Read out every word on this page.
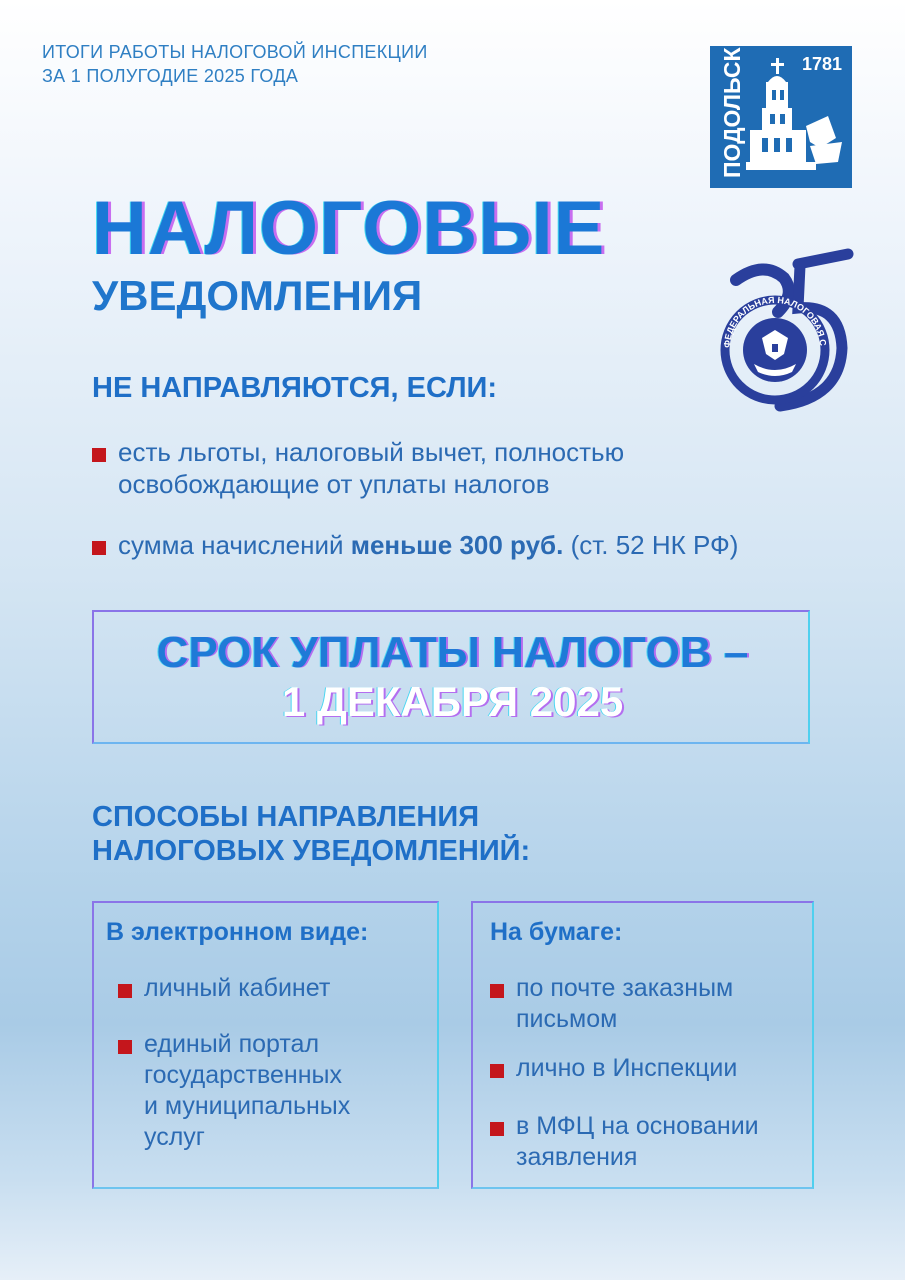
ИТОГИ РАБОТЫ НАЛОГОВОЙ ИНСПЕКЦИИ
ЗА 1 ПОЛУГОДИЕ 2025 ГОДА	ПОДОЛЬСК	1781
НАЛОГОВЫЕ
УВЕДОМЛЕНИЯ
ФЕДЕРАЛЬНАЯ НАЛОГОВАЯ С
НЕ НАПРАВЛЯЮТСЯ, ЕСЛИ:
есть льготы, налоговый вычет, полностью
освобождающие от уплаты налогов
сумма начислений меньше 300 руб. (ст. 52 НК РФ)
СРОК УПЛАТЫ НАЛОГОВ –
1 ДЕКАБРЯ 2025
СПОСОБЫ НАПРАВЛЕНИЯ
НАЛОГОВЫХ УВЕДОМЛЕНИЙ:
В электронном виде:
личный кабинет
единый портал
государственных
и муниципальных
услуг
На бумаге:
по почте заказным
письмом
лично в Инспекции
в МФЦ на основании
заявления
